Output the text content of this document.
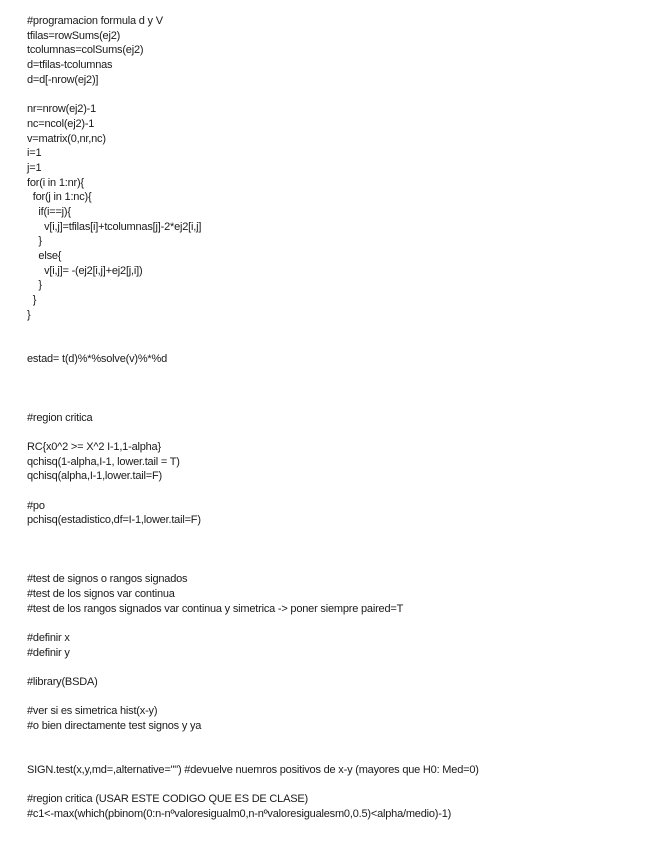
#programacion formula d y V
tfilas=rowSums(ej2)
tcolumnas=colSums(ej2)
d=tfilas-tcolumnas
d=d[-nrow(ej2)]
nr=nrow(ej2)-1
nc=ncol(ej2)-1
v=matrix(0,nr,nc)
i=1
j=1
for(i in 1:nr){
for(j in 1:nc){
if(i==j){
v[i,j]=tfilas[i]+tcolumnas[j]-2*ej2[i,j]
}
else{
v[i,j]= -(ej2[i,j]+ej2[j,i])
}
}
}
estad= t(d)%*%solve(v)%*%d
#region critica
RC{x0^2 >= X^2 I-1,1-alpha}
qchisq(1-alpha,I-1, lower.tail = T)
qchisq(alpha,I-1,lower.tail=F)
#po
pchisq(estadistico,df=I-1,lower.tail=F)
#test de signos o rangos signados
#test de los signos var continua
#test de los rangos signados var continua y simetrica -> poner siempre paired=T
#definir x
#definir y
#library(BSDA)
#ver si es simetrica hist(x-y)
#o bien directamente test signos y ya
SIGN.test(x,y,md=,alternative="") #devuelve nuemros positivos de x-y (mayores que H0: Med=0)
#region critica (USAR ESTE CODIGO QUE ES DE CLASE)
#c1<-max(which(pbinom(0:n-nºvaloresigualm0,n-nºvaloresigualesm0,0.5)<alpha/medio)-1)
